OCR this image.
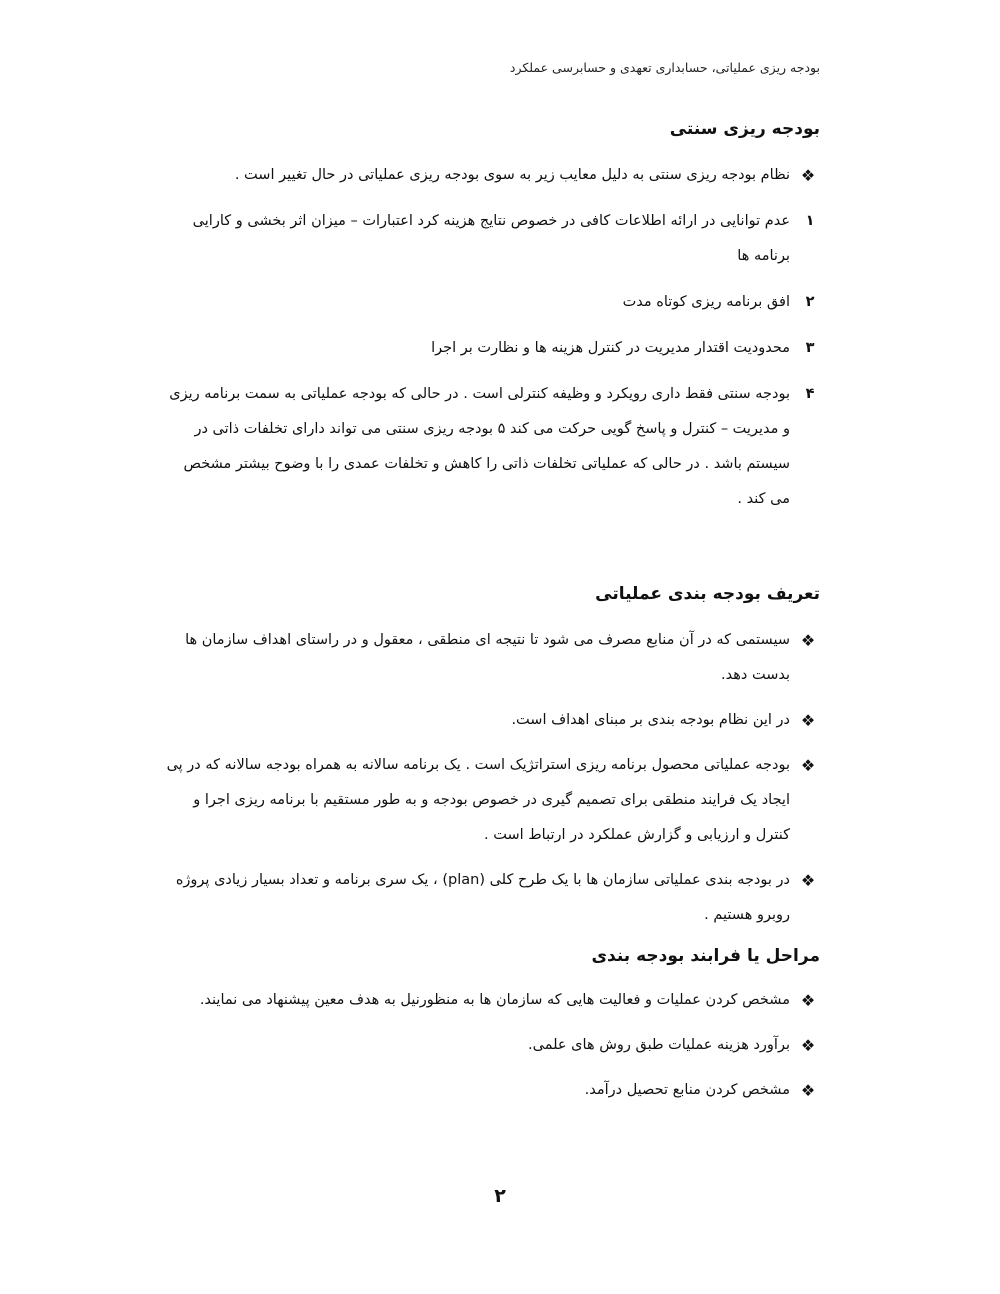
بودجه ریزی عملیاتی، حسابداری تعهدی و حسابرسی عملکرد
بودجه ریزی سنتی
❖
نظام بودجه ریزی سنتی به دلیل معایب زیر به سوی بودجه ریزی عملیاتی در حال تغییر است .
١
عدم توانایی در ارائه اطلاعات کافی در خصوص نتایج هزینه کرد اعتبارات – میزان اثر بخشی و کارایی برنامه ها
٢
افق برنامه ریزی کوتاه مدت
٣
محدودیت اقتدار مدیریت در کنترل هزینه ها و نظارت بر اجرا
۴
بودجه سنتی فقط داری رویکرد و وظیفه کنترلی است . در حالی که بودجه عملیاتی به سمت برنامه ریزی و مدیریت – کنترل و پاسخ گویی حرکت می کند ۵ بودجه ریزی سنتی می تواند دارای تخلفات ذاتی در سیستم باشد . در حالی که عملیاتی تخلفات ذاتی را کاهش و تخلفات عمدی را با وضوح بیشتر مشخص می کند .
تعریف بودجه بندی عملیاتی
❖
سیستمی که در آن منابع مصرف می شود تا نتیجه ای منطقی ، معقول و در راستای اهداف سازمان ها بدست دهد.
❖
در این نظام بودجه بندی بر مبنای اهداف است.
❖
بودجه عملیاتی محصول برنامه ریزی استراتژیک است . یک برنامه سالانه به همراه بودجه سالانه که در پی ایجاد یک فرایند منطقی برای تصمیم گیری در خصوص بودجه و به طور مستقیم با برنامه ریزی اجرا و کنترل و ارزیابی و گزارش عملکرد در ارتباط است .
❖
در بودجه بندی عملیاتی سازمان ها با یک طرح کلی (plan) ، یک سری برنامه و تعداد بسیار زیادی پروژه روبرو هستیم .
مراحل یا فرابند بودجه بندی
❖
مشخص کردن عملیات و فعالیت هایی که سازمان ها به منظورنیل به هدف معین پیشنهاد می نمایند.
❖
برآورد هزینه عملیات طبق روش های علمی.
❖
مشخص کردن منابع تحصیل درآمد.
٢
